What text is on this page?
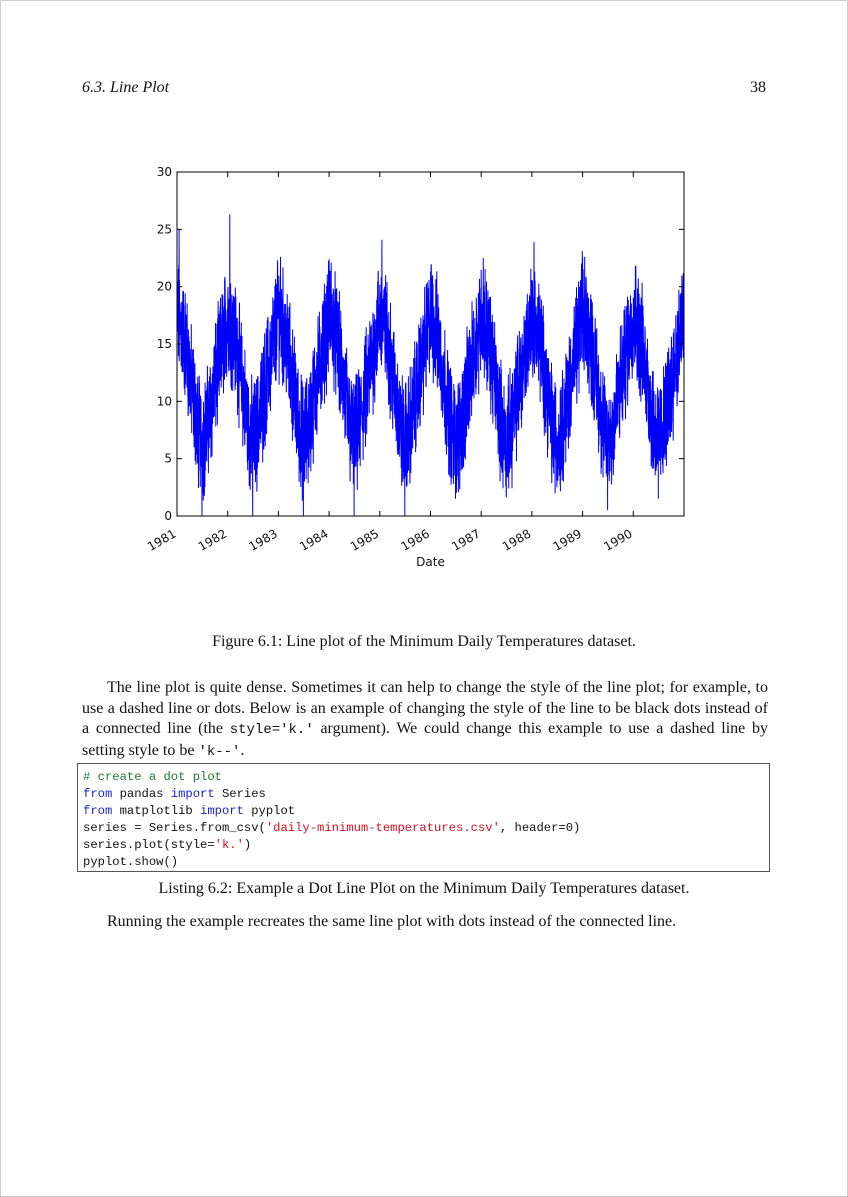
6.3. Line Plot	38
0
5
10
15
20
25
30
1981 1982 1983 1984 1985 1986 1987 1988 1989 1990
Date
Figure 6.1: Line plot of the Minimum Daily Temperatures dataset.

The line plot is quite dense. Sometimes it can help to change the style of the line plot; for example, to use a dashed line or dots. Below is an example of changing the style of the line to be black dots instead of a connected line (the style='k.' argument). We could change this example to use a dashed line by setting style to be 'k--'.

# create a dot plot
from pandas import Series
from matplotlib import pyplot
series = Series.from_csv('daily-minimum-temperatures.csv', header=0)
series.plot(style='k.')
pyplot.show()
Listing 6.2: Example a Dot Line Plot on the Minimum Daily Temperatures dataset.
Running the example recreates the same line plot with dots instead of the connected line.
